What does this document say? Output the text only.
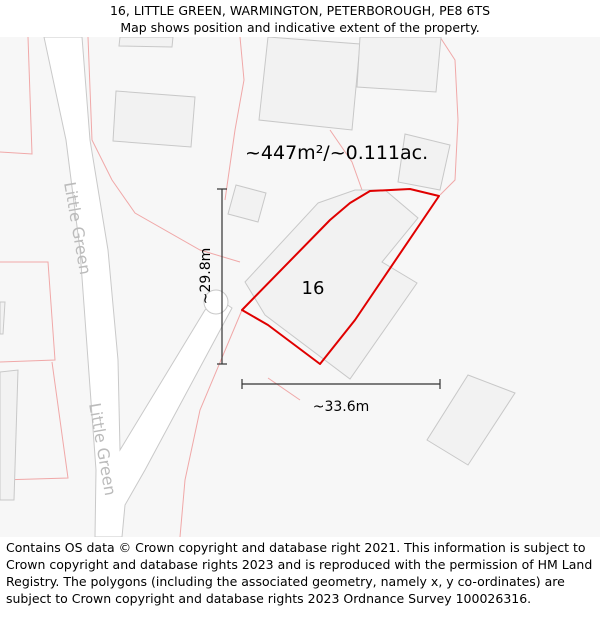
16, LITTLE GREEN, WARMINGTON, PETERBOROUGH, PE8 6TS
Map shows position and indicative extent of the property.
Little Green
Little Green
~447m²/~0.111ac.
16
~29.8m
~33.6m
Contains OS data © Crown copyright and database right 2021. This information is subject to Crown copyright and database rights 2023 and is reproduced with the permission of HM Land Registry. The polygons (including the associated geometry, namely x, y co-ordinates) are subject to Crown copyright and database rights 2023 Ordnance Survey 100026316.
